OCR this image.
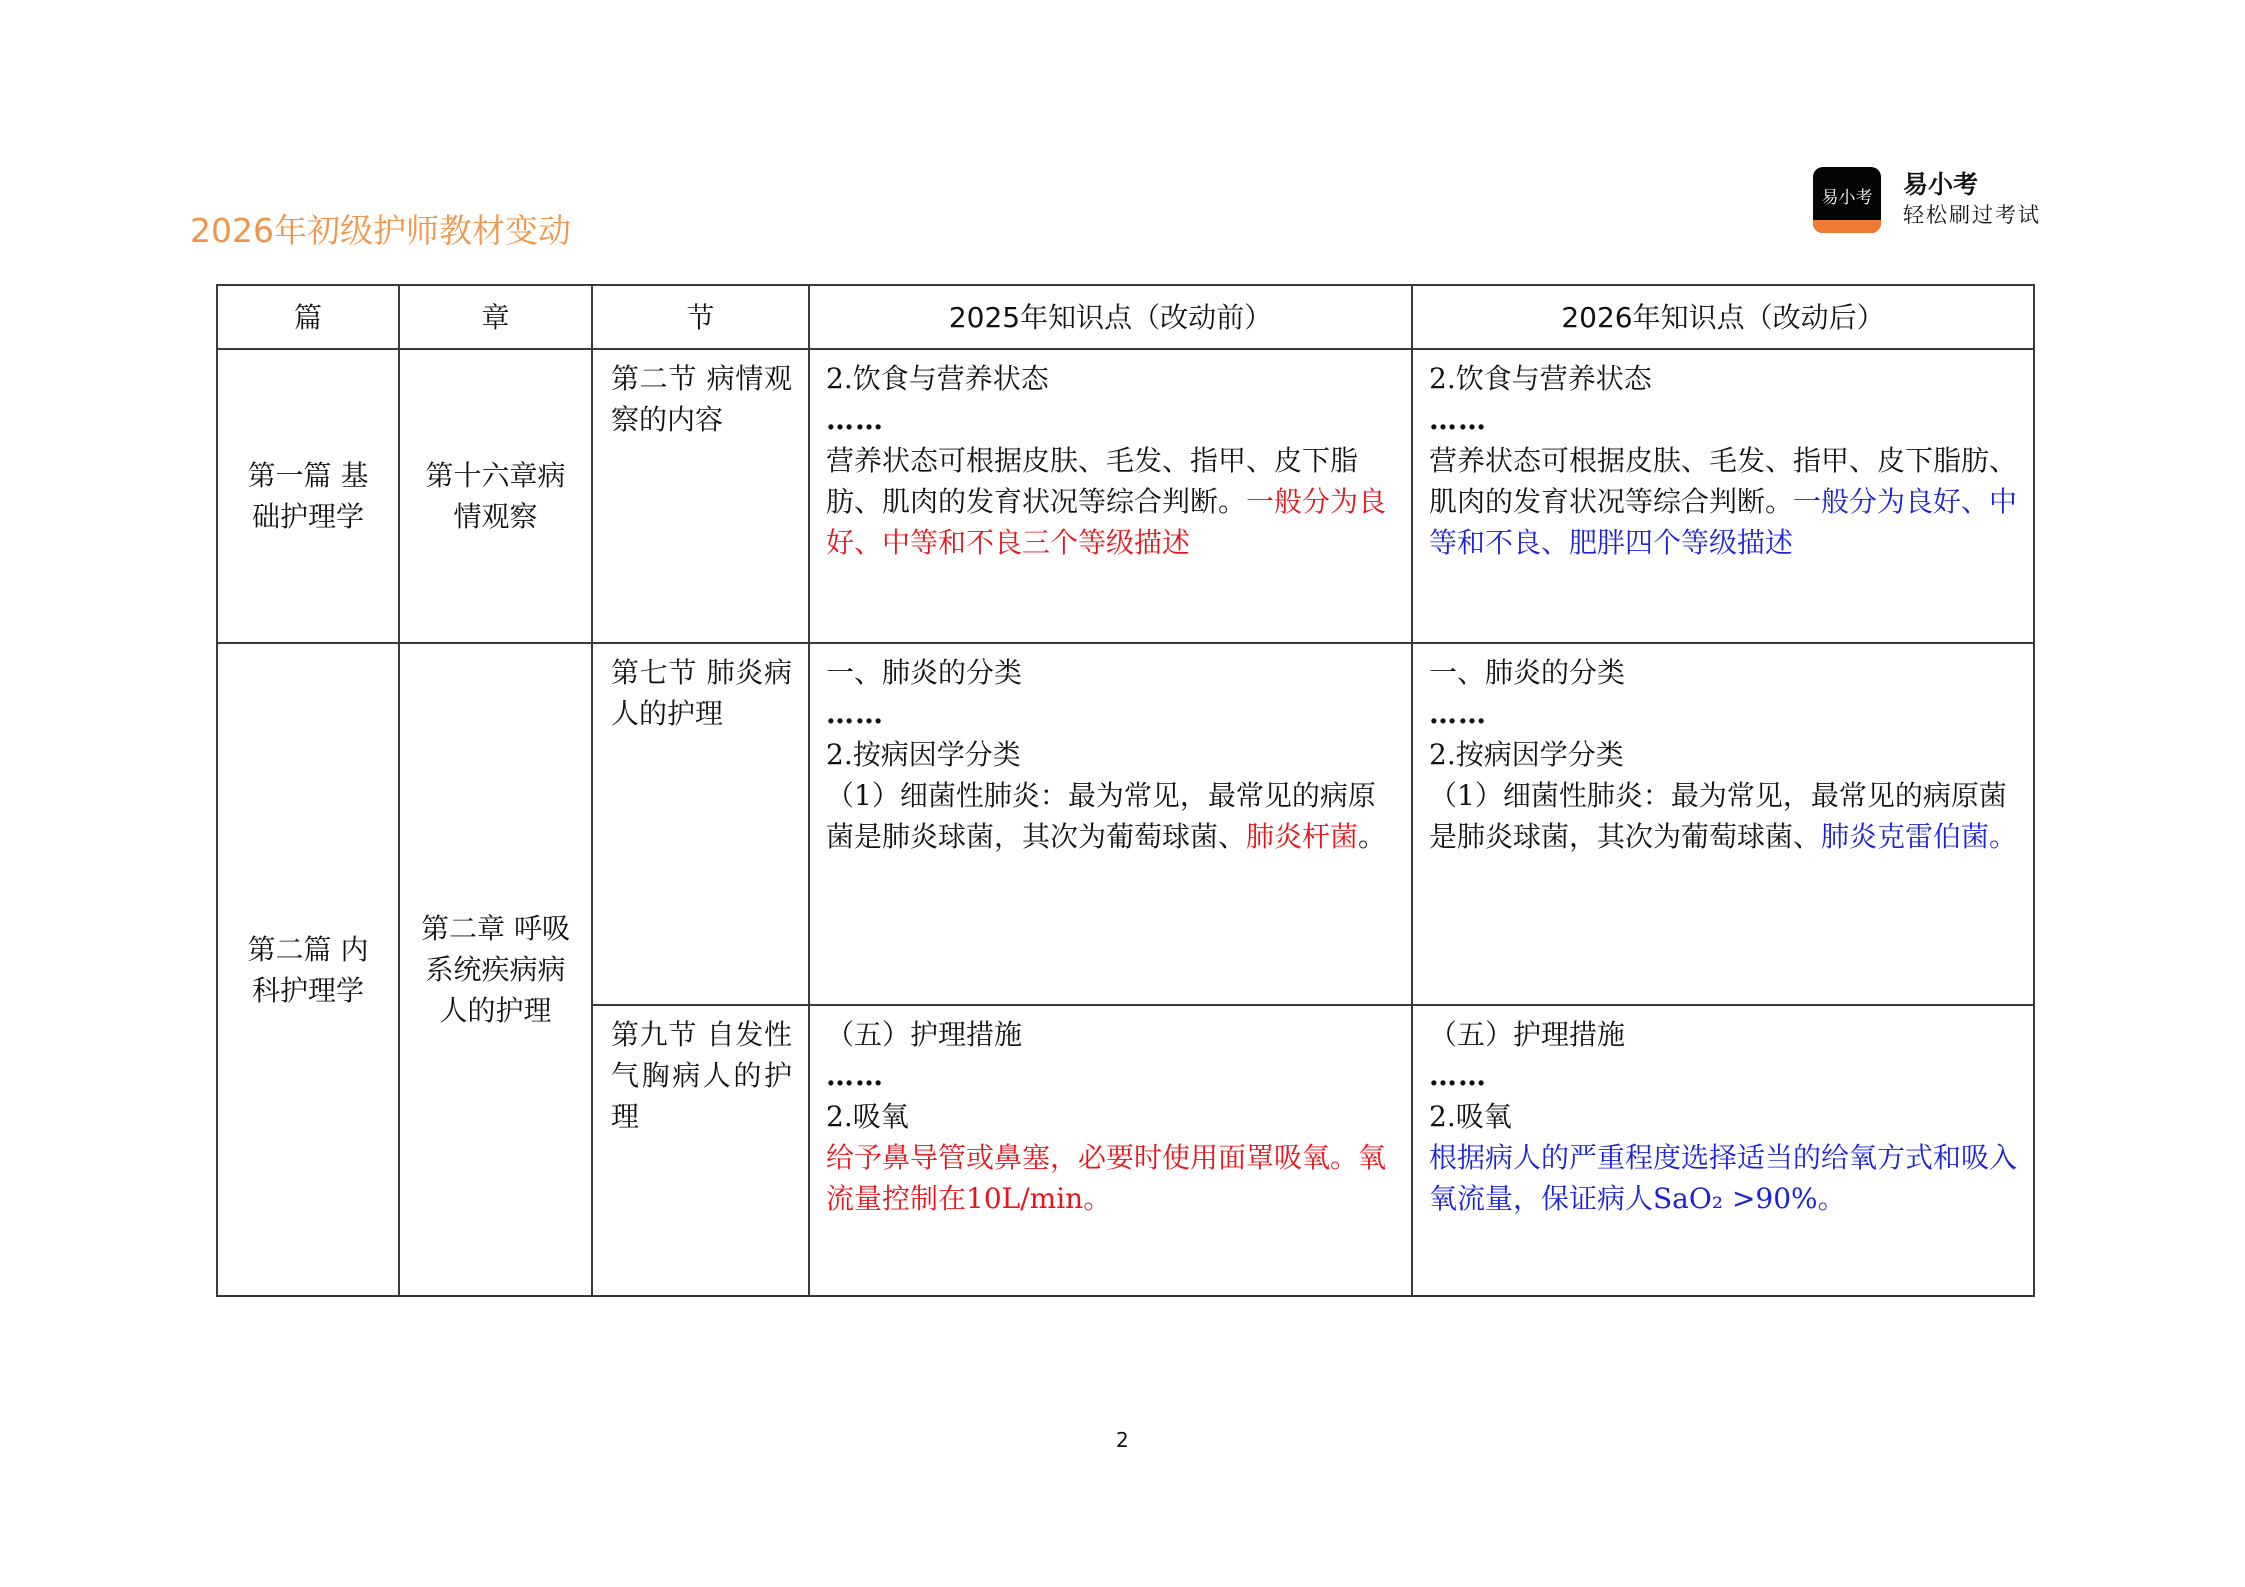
2026年初级护师教材变动
易小考	易小考
轻松刷过考试
篇	章	节	2025年知识点（改动前）	2026年知识点（改动后）

第一篇 基础护理学	第十六章病情观察	第二节 病情观察的内容	2.饮食与营养状态
……
营养状态可根据皮肤、毛发、指甲、皮下脂肪、肌肉的发育状况等综合判断。一般分为良好、中等和不良三个等级描述	2.饮食与营养状态
……
营养状态可根据皮肤、毛发、指甲、皮下脂肪、肌肉的发育状况等综合判断。一般分为良好、中等和不良、肥胖四个等级描述

第二篇 内科护理学	第二章 呼吸系统疾病病人的护理	第七节 肺炎病人的护理	一、肺炎的分类
……
2.按病因学分类
（1）细菌性肺炎：最为常见，最常见的病原菌是肺炎球菌，其次为葡萄球菌、肺炎杆菌。	一、肺炎的分类
……
2.按病因学分类
（1）细菌性肺炎：最为常见，最常见的病原菌是肺炎球菌，其次为葡萄球菌、肺炎克雷伯菌。

		第九节 自发性气胸病人的护理	（五）护理措施
……
2.吸氧
给予鼻导管或鼻塞，必要时使用面罩吸氧。氧流量控制在10L/min。	（五）护理措施
……
2.吸氧
根据病人的严重程度选择适当的给氧方式和吸入氧流量，保证病人SaO₂ >90%。
2
